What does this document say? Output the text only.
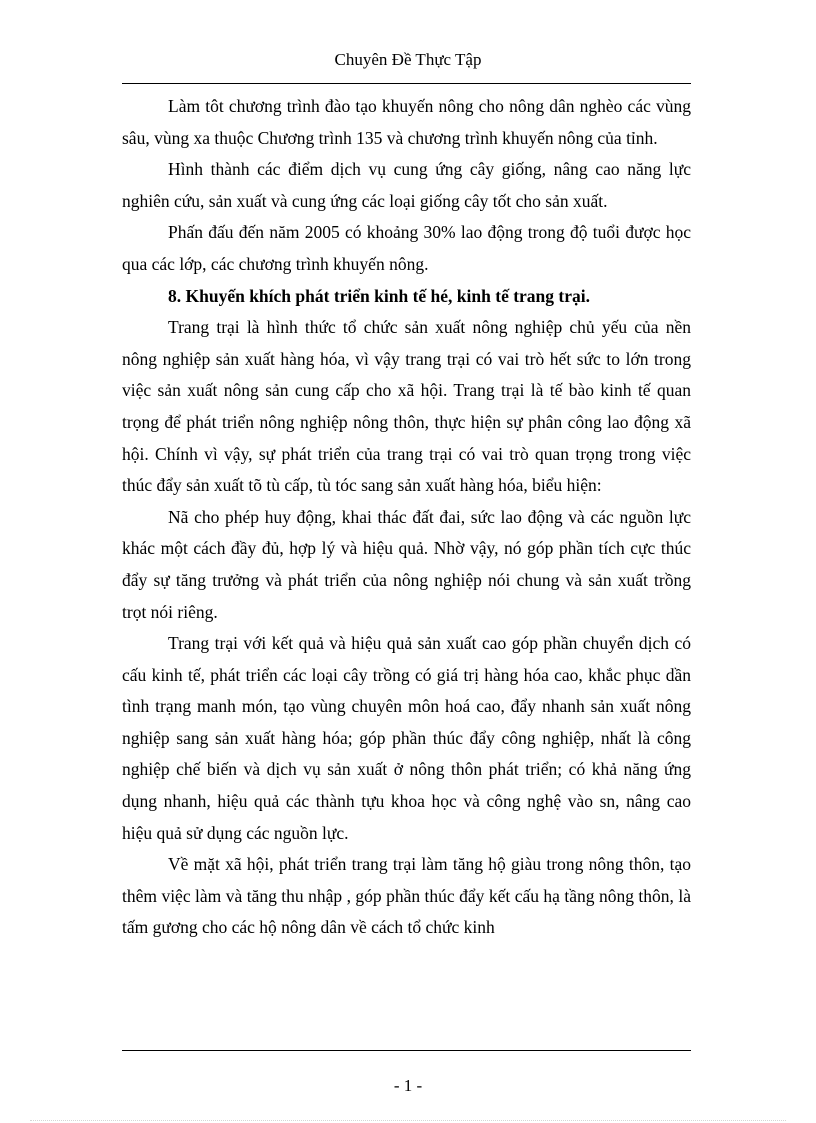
Chuyên Đề Thực Tập

Làm tôt chương trình đào tạo khuyến nông cho nông dân nghèo các vùng sâu, vùng xa thuộc Chương trình 135 và chương trình khuyến nông của tỉnh.

Hình thành các điểm dịch vụ cung ứng cây giống, nâng cao năng lực nghiên cứu, sản xuất và cung ứng các loại giống cây tốt cho sản xuất.

Phấn đấu đến năm 2005 có khoảng 30% lao động trong độ tuổi được học qua các lớp, các chương trình khuyến nông.

8. Khuyến khích phát triển kinh tế hé, kinh tế trang trại.

Trang trại là hình thức tổ chức sản xuất nông nghiệp chủ yếu của nền nông nghiệp sản xuất hàng hóa, vì vậy trang trại có vai trò hết sức to lớn trong việc sản xuất nông sản cung cấp cho xã hội. Trang trại là tế bào kinh tế quan trọng để phát triển nông nghiệp nông thôn, thực hiện sự phân công lao động xã hội. Chính vì vậy, sự phát triển của trang trại có vai trò quan trọng trong việc thúc đẩy sản xuất tõ tù cấp, tù tóc sang sản xuất hàng hóa, biểu hiện:

Nã cho phép huy động, khai thác đất đai, sức lao động và các nguồn lực khác một cách đầy đủ, hợp lý và hiệu quả. Nhờ vậy, nó góp phần tích cực thúc đẩy sự tăng trưởng và phát triển của nông nghiệp nói chung và sản xuất trồng trọt nói riêng.

Trang trại với kết quả và hiệu quả sản xuất cao góp phần chuyển dịch có cấu kinh tế, phát triển các loại cây trồng có giá trị hàng hóa cao, khắc phục dần tình trạng manh món, tạo vùng chuyên môn hoá cao, đẩy nhanh sản xuất nông nghiệp sang sản xuất hàng hóa; góp phần thúc đẩy công nghiệp, nhất là công nghiệp chế biến và dịch vụ sản xuất ở nông thôn phát triển; có khả năng ứng dụng nhanh, hiệu quả các thành tựu khoa học và công nghệ vào sn, nâng cao hiệu quả sử dụng các nguồn lực.

Về mặt xã hội, phát triển trang trại làm tăng hộ giàu trong nông thôn, tạo thêm việc làm và tăng thu nhập , góp phần thúc đẩy kết cấu hạ tầng nông thôn, là tấm gương cho các hộ nông dân về cách tổ chức kinh

- 1 -
